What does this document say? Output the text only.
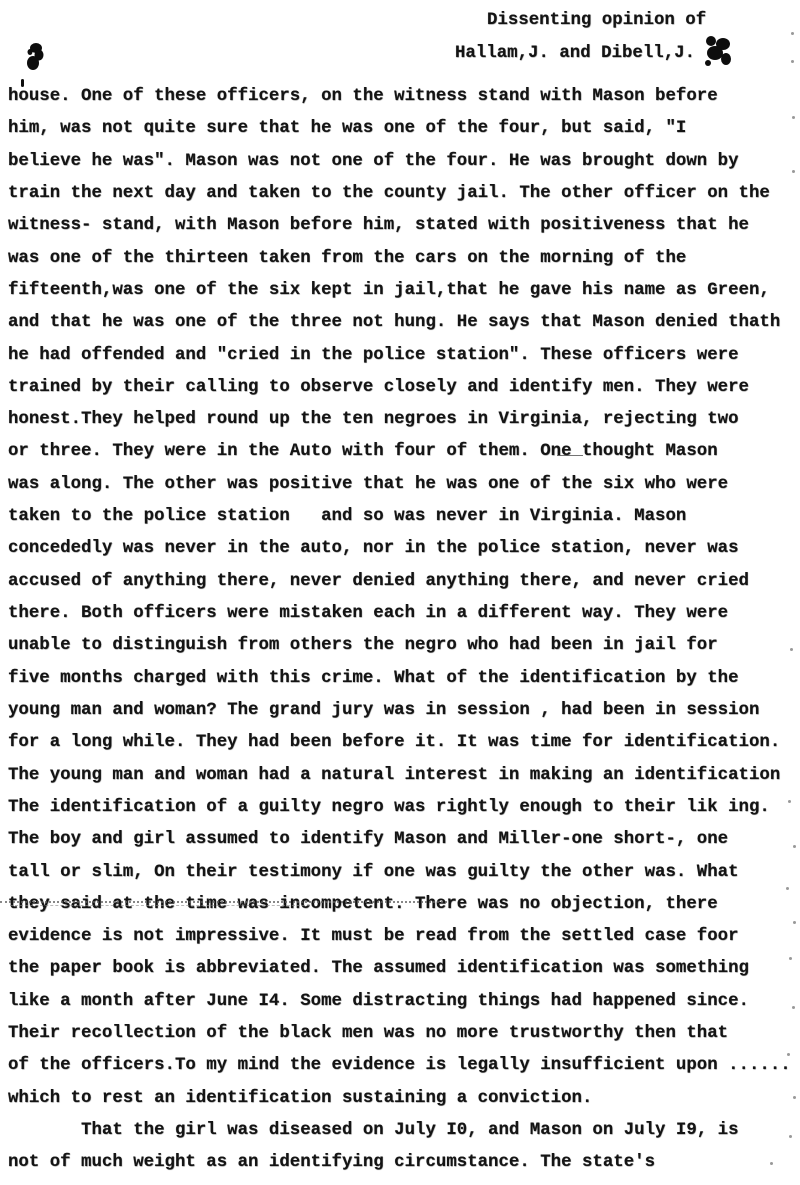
Dissenting opinion of
Hallam,J. and Dibell,J.
house. One of these officers, on the witness stand with Mason before
him, was not quite sure that he was one of the four, but said, "I
believe he was". Mason was not one of the four. He was brought down by
train the next day and taken to the county jail. The other officer on the
witness- stand, with Mason before him, stated with positiveness that he
was one of the thirteen taken from the cars on the morning of the
fifteenth,was one of the six kept in jail,that he gave his name as Green,
and that he was one of the three not hung. He says that Mason denied thath
he had offended and "cried in the police station". These officers were
trained by their calling to observe closely and identify men. They were
honest.They helped round up the ten negroes in Virginia, rejecting two
or three. They were in the Auto with four of them. One thought Mason
was along. The other was positive that he was one of the six who were
taken to the police station   and so was never in Virginia. Mason
concededly was never in the auto, nor in the police station, never was
accused of anything there, never denied anything there, and never cried
there. Both officers were mistaken each in a different way. They were
unable to distinguish from others the negro who had been in jail for
five months charged with this crime. What of the identification by the
young man and woman? The grand jury was in session , had been in session
for a long while. They had been before it. It was time for identification.
The young man and woman had a natural interest in making an identification
The identification of a guilty negro was rightly enough to their lik ing.
The boy and girl assumed to identify Mason and Miller-one short-, one
tall or slim, On their testimony if one was guilty the other was. What
they said at the time was incompetent. There was no objection, there
evidence is not impressive. It must be read from the settled case foor
the paper book is abbreviated. The assumed identification was something
like a month after June I4. Some distracting things had happened since.
Their recollection of the black men was no more trustworthy then that
of the officers.To my mind the evidence is legally insufficient upon ......
which to rest an identification sustaining a conviction.
That the girl was diseased on July I0, and Mason on July I9, is
not of much weight as an identifying circumstance. The state's
